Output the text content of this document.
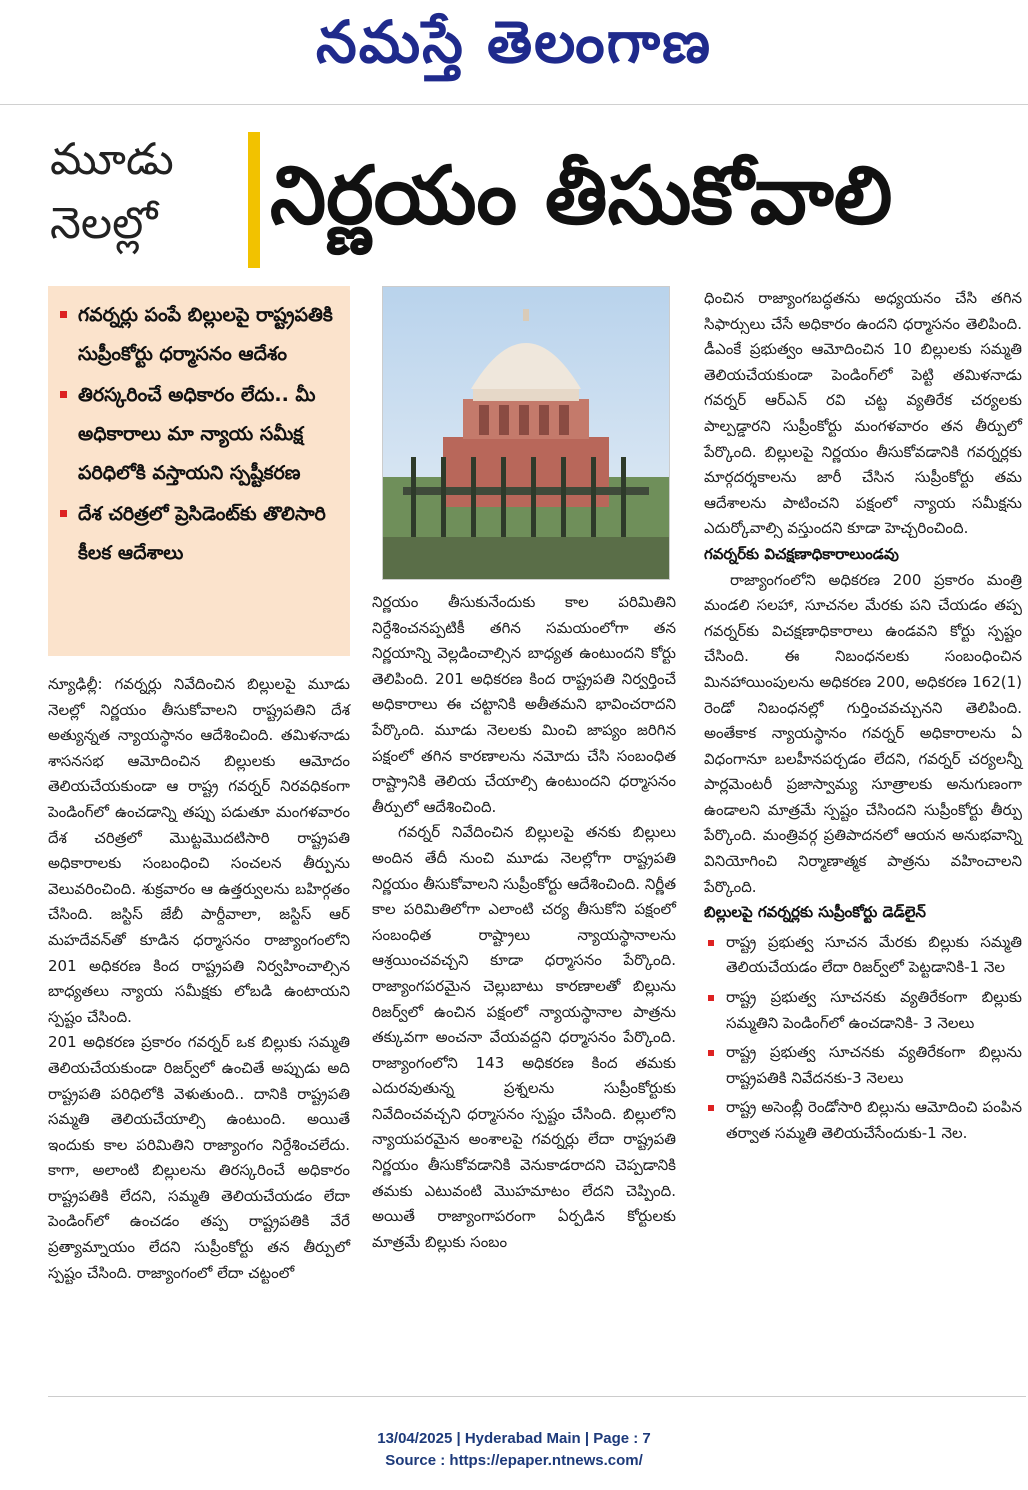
నమస్తే తెలంగాణ
మూడు
నెలల్లో	నిర్ణయం తీసుకోవాలి
గవర్నర్లు పంపే బిల్లులపై రాష్ట్రపతికి సుప్రీంకోర్టు ధర్మాసనం ఆదేశం
తిరస్కరించే అధికారం లేదు.. మీ అధికారాలు మా న్యాయ సమీక్ష పరిధిలోకి వస్తాయని స్పష్టీకరణ
దేశ చరిత్రలో ప్రెసిడెంట్‌కు తొలిసారి కీలక ఆదేశాలు

న్యూఢిల్లీ: గవర్నర్లు నివేదించిన బిల్లులపై మూడు నెలల్లో నిర్ణయం తీసుకోవాలని రాష్ట్రపతిని దేశ అత్యున్నత న్యాయస్థానం ఆదేశించింది. తమిళనాడు శాసనసభ ఆమోదించిన బిల్లులకు ఆమోదం తెలియచేయకుండా ఆ రాష్ట్ర గవర్నర్ నిరవధికంగా పెండింగ్‌లో ఉంచడాన్ని తప్పు పడుతూ మంగళవారం దేశ చరిత్రలో మొట్టమొదటిసారి రాష్ట్రపతి అధికారాలకు సంబంధించి సంచలన తీర్పును వెలువరించింది. శుక్రవారం ఆ ఉత్తర్వులను బహిర్గతం చేసింది. జస్టిస్ జేబీ పార్దీవాలా, జస్టిస్ ఆర్ మహదేవన్‌తో కూడిన ధర్మాసనం రాజ్యాంగంలోని 201 అధికరణ కింద రాష్ట్రపతి నిర్వహించాల్సిన బాధ్యతలు న్యాయ సమీక్షకు లోబడి ఉంటాయని స్పష్టం చేసింది.

201 అధికరణ ప్రకారం గవర్నర్ ఒక బిల్లుకు సమ్మతి తెలియచేయకుండా రిజర్వ్‌లో ఉంచితే అప్పుడు అది రాష్ట్రపతి పరిధిలోకి వెళుతుంది.. దానికి రాష్ట్రపతి సమ్మతి తెలియచేయాల్సి ఉంటుంది. అయితే ఇందుకు కాల పరిమితిని రాజ్యాంగం నిర్దేశించలేదు. కాగా, అలాంటి బిల్లులను తిరస్కరించే అధికారం రాష్ట్రపతికి లేదని, సమ్మతి తెలియచేయడం లేదా పెండింగ్‌లో ఉంచడం తప్ప రాష్ట్రపతికి వేరే ప్రత్యామ్నాయం లేదని సుప్రీంకోర్టు తన తీర్పులో స్పష్టం చేసింది. రాజ్యాంగంలో లేదా చట్టంలో

నిర్ణయం తీసుకునేందుకు కాల పరిమితిని నిర్దేశించనప్పటికీ తగిన సమయంలోగా తన నిర్ణయాన్ని వెల్లడించాల్సిన బాధ్యత ఉంటుందని కోర్టు తెలిపింది. 201 అధికరణ కింద రాష్ట్రపతి నిర్వర్తించే అధికారాలు ఈ చట్టానికి అతీతమని భావించరాదని పేర్కొంది. మూడు నెలలకు మించి జాప్యం జరిగిన పక్షంలో తగిన కారణాలను నమోదు చేసి సంబంధిత రాష్ట్రానికి తెలియ చేయాల్సి ఉంటుందని ధర్మాసనం తీర్పులో ఆదేశించింది.

గవర్నర్ నివేదించిన బిల్లులపై తనకు బిల్లులు అందిన తేదీ నుంచి మూడు నెలల్లోగా రాష్ట్రపతి నిర్ణయం తీసుకోవాలని సుప్రీంకోర్టు ఆదేశించింది. నిర్ణీత కాల పరిమితిలోగా ఎలాంటి చర్య తీసుకోని పక్షంలో సంబంధిత రాష్ట్రాలు న్యాయస్థానాలను ఆశ్రయించవచ్చని కూడా ధర్మాసనం పేర్కొంది. రాజ్యాంగపరమైన చెల్లుబాటు కారణాలతో బిల్లును రిజర్వ్‌లో ఉంచిన పక్షంలో న్యాయస్థానాల పాత్రను తక్కువగా అంచనా వేయవద్దని ధర్మాసనం పేర్కొంది. రాజ్యాంగంలోని 143 అధికరణ కింద తమకు ఎదురవుతున్న ప్రశ్నలను సుప్రీంకోర్టుకు నివేదించవచ్చని ధర్మాసనం స్పష్టం చేసింది. బిల్లులోని న్యాయపరమైన అంశాలపై గవర్నర్లు లేదా రాష్ట్రపతి నిర్ణయం తీసుకోవడానికి వెనుకాడరాదని చెప్పడానికి తమకు ఎటువంటి మొహమాటం లేదని చెప్పింది. అయితే రాజ్యాంగాపరంగా ఏర్పడిన కోర్టులకు మాత్రమే బిల్లుకు సంబం

ధించిన రాజ్యాంగబద్ధతను అధ్యయనం చేసి తగిన సిఫార్సులు చేసే అధికారం ఉందని ధర్మాసనం తెలిపింది. డీఎంకే ప్రభుత్వం ఆమోదించిన 10 బిల్లులకు సమ్మతి తెలియచేయకుండా పెండింగ్‌లో పెట్టి తమిళనాడు గవర్నర్ ఆర్ఎన్ రవి చట్ట వ్యతిరేక చర్యలకు పాల్పడ్డారని సుప్రీంకోర్టు మంగళవారం తన తీర్పులో పేర్కొంది. బిల్లులపై నిర్ణయం తీసుకోవడానికి గవర్నర్లకు మార్గదర్శకాలను జారీ చేసిన సుప్రీంకోర్టు తమ ఆదేశాలను పాటించని పక్షంలో న్యాయ సమీక్షను ఎదుర్కోవాల్సి వస్తుందని కూడా హెచ్చరించింది.

గవర్నర్‌కు విచక్షణాధికారాలుండవు

రాజ్యాంగంలోని అధికరణ 200 ప్రకారం మంత్రి మండలి సలహా, సూచనల మేరకు పని చేయడం తప్ప గవర్నర్‌కు విచక్షణాధికారాలు ఉండవని కోర్టు స్పష్టం చేసింది. ఈ నిబంధనలకు సంబంధించిన మినహాయింపులను అధికరణ 200, అధికరణ 162(1) రెండో నిబంధనల్లో గుర్తించవచ్చునని తెలిపింది. అంతేకాక న్యాయస్థానం గవర్నర్ అధికారాలను ఏ విధంగానూ బలహీనపర్చడం లేదని, గవర్నర్ చర్యలన్నీ పార్లమెంటరీ ప్రజాస్వామ్య సూత్రాలకు అనుగుణంగా ఉండాలని మాత్రమే స్పష్టం చేసిందని సుప్రీంకోర్టు తీర్పు పేర్కొంది. మంత్రివర్గ ప్రతిపాదనలో ఆయన అనుభవాన్ని వినియోగించి నిర్మాణాత్మక పాత్రను వహించాలని పేర్కొంది.

బిల్లులపై గవర్నర్లకు సుప్రీంకోర్టు డెడ్‌లైన్
రాష్ట్ర ప్రభుత్వ సూచన మేరకు బిల్లుకు సమ్మతి తెలియచేయడం లేదా రిజర్వ్‌లో పెట్టడానికి-1 నెల
రాష్ట్ర ప్రభుత్వ సూచనకు వ్యతిరేకంగా బిల్లుకు సమ్మతిని పెండింగ్‌లో ఉంచడానికి- 3 నెలలు
రాష్ట్ర ప్రభుత్వ సూచనకు వ్యతిరేకంగా బిల్లును రాష్ట్రపతికి నివేదనకు-3 నెలలు
రాష్ట్ర అసెంబ్లీ రెండోసారి బిల్లును ఆమోదించి పంపిన తర్వాత సమ్మతి తెలియచేసేందుకు-1 నెల.
13/04/2025 | Hyderabad Main | Page : 7
Source : https://epaper.ntnews.com/
